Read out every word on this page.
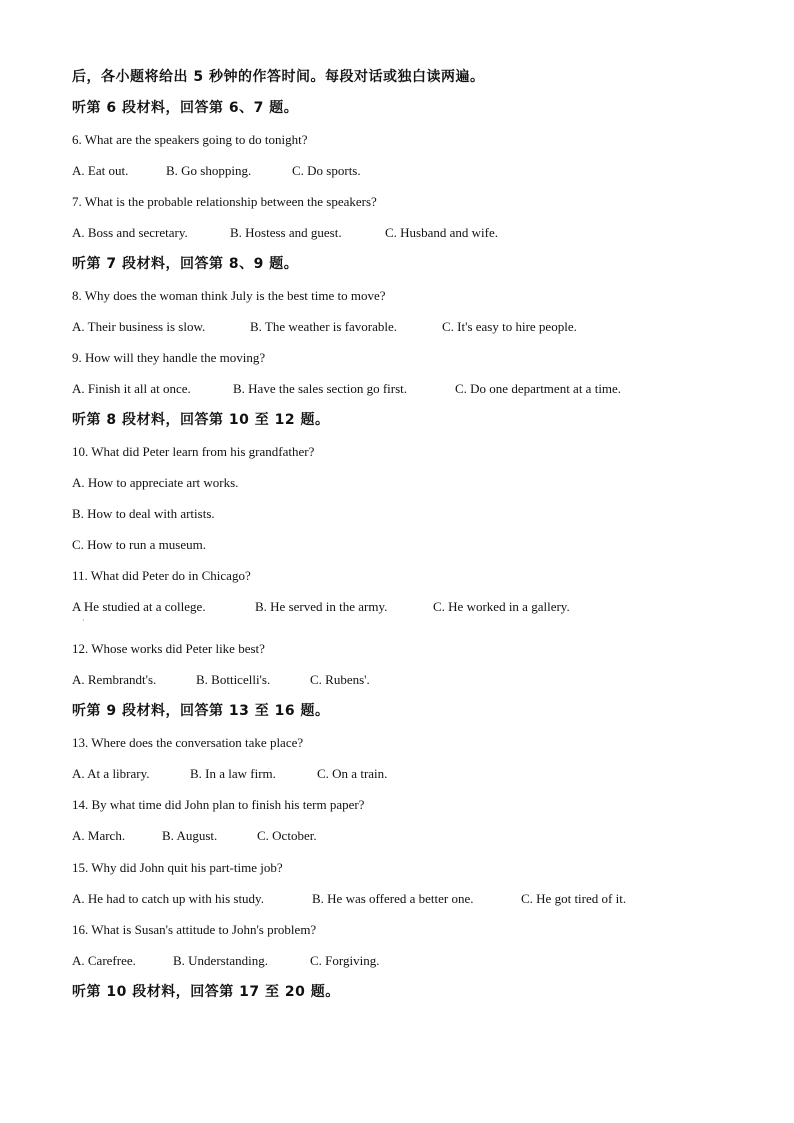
后，各小题将给出 5 秒钟的作答时间。每段对话或独白读两遍。
听第 6 段材料，回答第 6、7 题。
6. What are the speakers going to do tonight?
A. Eat out.	B. Go shopping.	C. Do sports.
7. What is the probable relationship between the speakers?
A. Boss and secretary.	B. Hostess and guest.	C. Husband and wife.
听第 7 段材料，回答第 8、9 题。
8. Why does the woman think July is the best time to move?
A. Their business is slow.	B. The weather is favorable.	C. It's easy to hire people.
9. How will they handle the moving?
A. Finish it all at once.	B. Have the sales section go first.	C. Do one department at a time.
听第 8 段材料，回答第 10 至 12 题。
10. What did Peter learn from his grandfather?
A. How to appreciate art works.
B. How to deal with artists.
C. How to run a museum.
11. What did Peter do in Chicago?
A He studied at a college.	B. He served in the army.	C. He worked in a gallery.
·
12. Whose works did Peter like best?
A. Rembrandt's.	B. Botticelli's.	C. Rubens'.
听第 9 段材料，回答第 13 至 16 题。
13. Where does the conversation take place?
A. At a library.	B. In a law firm.	C. On a train.
14. By what time did John plan to finish his term paper?
A. March.	B. August.	C. October.
15. Why did John quit his part-time job?
A. He had to catch up with his study.	B. He was offered a better one.	C. He got tired of it.
16. What is Susan's attitude to John's problem?
A. Carefree.	B. Understanding.	C. Forgiving.
听第 10 段材料，回答第 17 至 20 题。
